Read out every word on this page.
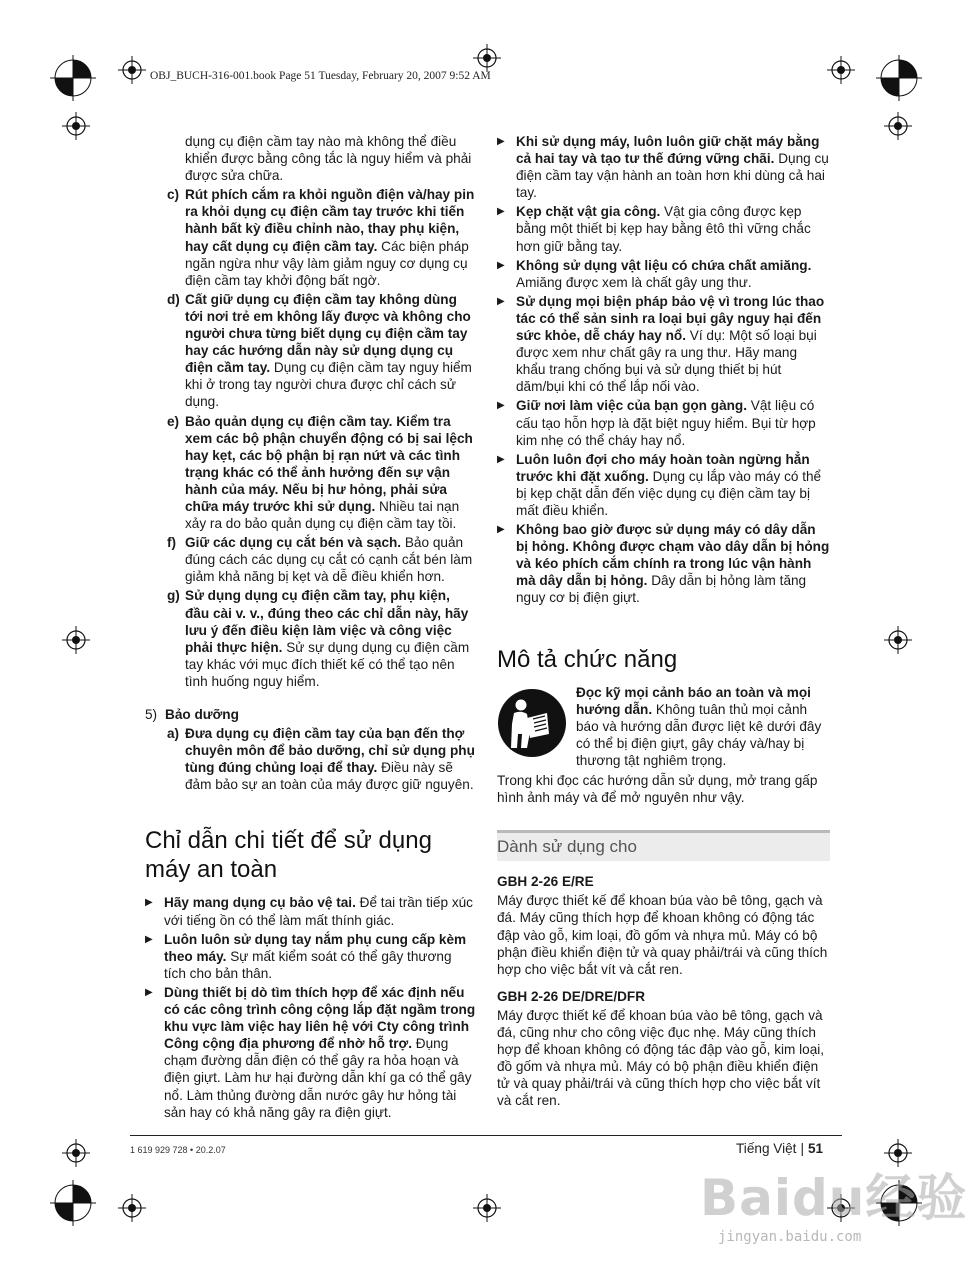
OBJ_BUCH-316-001.book Page 51 Tuesday, February 20, 2007 9:52 AM
dụng cụ điện cầm tay nào mà không thể điều khiển được bằng công tắc là nguy hiểm và phải được sửa chữa.
c) Rút phích cắm ra khỏi nguồn điện và/hay pin ra khỏi dụng cụ điện cầm tay trước khi tiến hành bất kỳ điều chỉnh nào, thay phụ kiện, hay cất dụng cụ điện cầm tay. Các biện pháp ngăn ngừa như vậy làm giảm nguy cơ dụng cụ điện cầm tay khởi động bất ngờ.
d) Cất giữ dụng cụ điện cầm tay không dùng tới nơi trẻ em không lấy được và không cho người chưa từng biết dụng cụ điện cầm tay hay các hướng dẫn này sử dụng dụng cụ điện cầm tay. Dụng cụ điện cầm tay nguy hiểm khi ở trong tay người chưa được chỉ cách sử dụng.
e) Bảo quản dụng cụ điện cầm tay. Kiểm tra xem các bộ phận chuyển động có bị sai lệch hay kẹt, các bộ phận bị rạn nứt và các tình trạng khác có thể ảnh hưởng đến sự vận hành của máy. Nếu bị hư hỏng, phải sửa chữa máy trước khi sử dụng. Nhiều tai nạn xảy ra do bảo quản dụng cụ điện cầm tay tồi.
f) Giữ các dụng cụ cắt bén và sạch. Bảo quản đúng cách các dụng cụ cắt có cạnh cắt bén làm giảm khả năng bị kẹt và dễ điều khiển hơn.
g) Sử dụng dụng cụ điện cầm tay, phụ kiện, đầu cài v. v., đúng theo các chỉ dẫn này, hãy lưu ý đến điều kiện làm việc và công việc phải thực hiện. Sử sự dụng dụng cụ điện cầm tay khác với mục đích thiết kế có thể tạo nên tình huống nguy hiểm.
5) Bảo dưỡng
a) Đưa dụng cụ điện cầm tay của bạn đến thợ chuyên môn để bảo dưỡng, chỉ sử dụng phụ tùng đúng chủng loại để thay. Điều này sẽ đảm bảo sự an toàn của máy được giữ nguyên.
Chỉ dẫn chi tiết để sử dụng máy an toàn
▶ Hãy mang dụng cụ bảo vệ tai. Để tai trần tiếp xúc với tiếng ồn có thể làm mất thính giác.
▶ Luôn luôn sử dụng tay nắm phụ cung cấp kèm theo máy. Sự mất kiểm soát có thể gây thương tích cho bản thân.
▶ Dùng thiết bị dò tìm thích hợp để xác định nếu có các công trình công cộng lắp đặt ngầm trong khu vực làm việc hay liên hệ với Cty công trình Công cộng địa phương để nhờ hỗ trợ. Đụng chạm đường dẫn điện có thể gây ra hỏa hoạn và điện giựt. Làm hư hại đường dẫn khí ga có thể gây nổ. Làm thủng đường dẫn nước gây hư hỏng tài sản hay có khả năng gây ra điện giựt.
▶ Khi sử dụng máy, luôn luôn giữ chặt máy bằng cả hai tay và tạo tư thế đứng vững chãi. Dụng cụ điện cầm tay vận hành an toàn hơn khi dùng cả hai tay.
▶ Kẹp chặt vật gia công. Vật gia công được kẹp bằng một thiết bị kẹp hay bằng êtô thì vững chắc hơn giữ bằng tay.
▶ Không sử dụng vật liệu có chứa chất amiăng. Amiăng được xem là chất gây ung thư.
▶ Sử dụng mọi biện pháp bảo vệ vì trong lúc thao tác có thể sản sinh ra loại bụi gây nguy hại đến sức khỏe, dễ cháy hay nổ. Ví dụ: Một số loại bụi được xem như chất gây ra ung thư. Hãy mang khẩu trang chống bụi và sử dụng thiết bị hút dăm/bụi khi có thể lắp nối vào.
▶ Giữ nơi làm việc của bạn gọn gàng. Vật liệu có cấu tạo hỗn hợp là đặt biệt nguy hiểm. Bụi từ hợp kim nhẹ có thể cháy hay nổ.
▶ Luôn luôn đợi cho máy hoàn toàn ngừng hẳn trước khi đặt xuống. Dụng cụ lắp vào máy có thể bị kẹp chặt dẫn đến việc dụng cụ điện cầm tay bị mất điều khiển.
▶ Không bao giờ được sử dụng máy có dây dẫn bị hỏng. Không được chạm vào dây dẫn bị hỏng và kéo phích cắm chính ra trong lúc vận hành mà dây dẫn bị hỏng. Dây dẫn bị hỏng làm tăng nguy cơ bị điện giựt.
Mô tả chức năng
Đọc kỹ mọi cảnh báo an toàn và mọi hướng dẫn. Không tuân thủ mọi cảnh báo và hướng dẫn được liệt kê dưới đây có thể bị điện giựt, gây cháy và/hay bị thương tật nghiêm trọng.
Trong khi đọc các hướng dẫn sử dụng, mở trang gấp hình ảnh máy và để mở nguyên như vậy.
Dành sử dụng cho
GBH 2-26 E/RE
Máy được thiết kế để khoan búa vào bê tông, gạch và đá. Máy cũng thích hợp để khoan không có động tác đập vào gỗ, kim loại, đồ gốm và nhựa mủ. Máy có bộ phận điều khiển điện tử và quay phải/trái và cũng thích hợp cho việc bắt vít và cắt ren.
GBH 2-26 DE/DRE/DFR
Máy được thiết kế để khoan búa vào bê tông, gạch và đá, cũng như cho công việc đục nhẹ. Máy cũng thích hợp để khoan không có động tác đập vào gỗ, kim loại, đồ gốm và nhựa mủ. Máy có bộ phận điều khiển điện tử và quay phải/trái và cũng thích hợp cho việc bắt vít và cắt ren.
1 619 929 728 • 20.2.07	Tiếng Việt | 51
Baidu经验
jingyan.baidu.com
